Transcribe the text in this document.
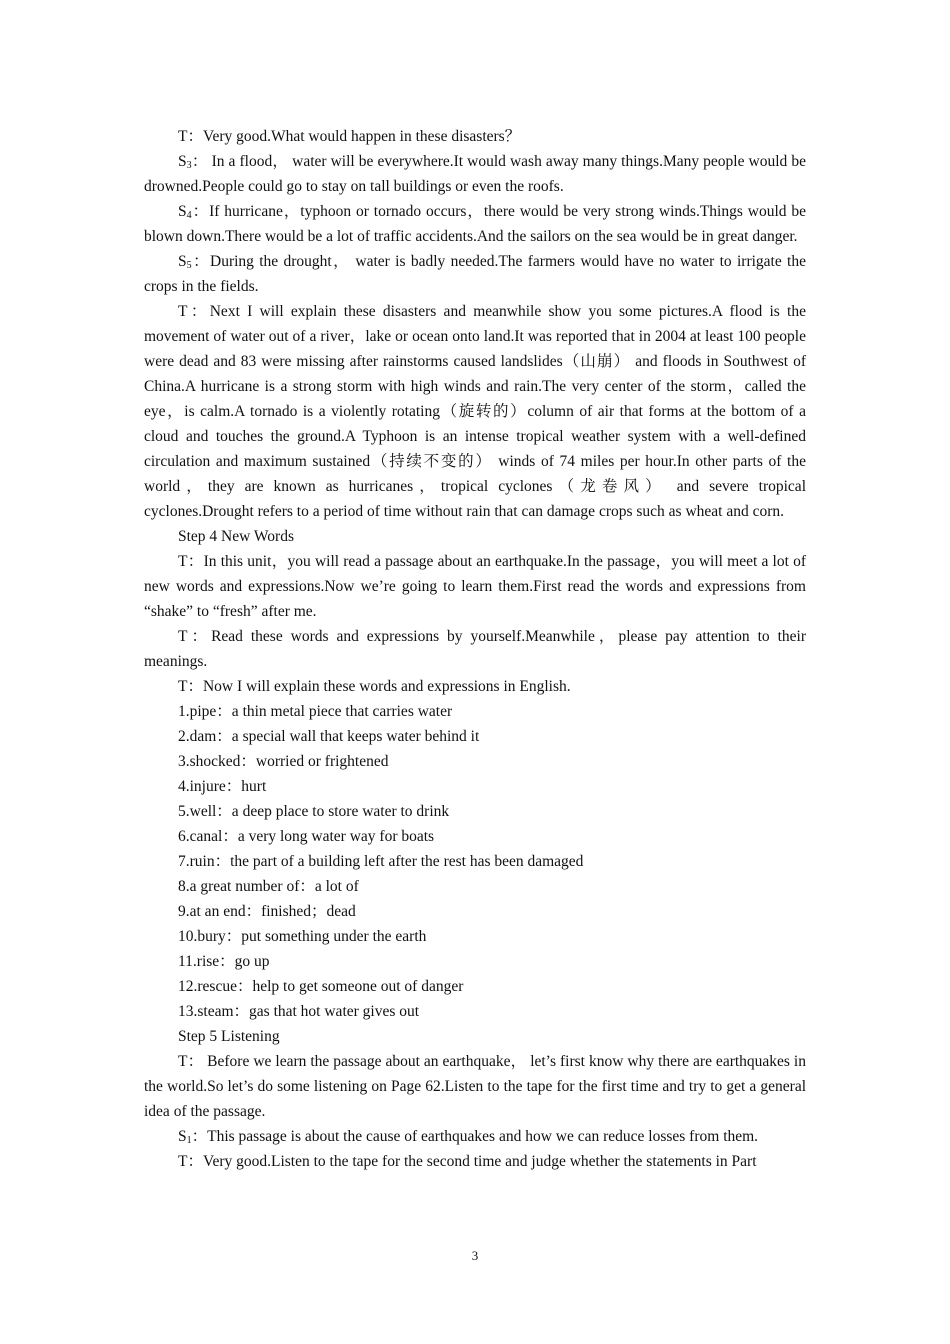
T：Very good.What would happen in these disasters？

$S_3$： In a flood， water will be everywhere.It would wash away many things.Many people would be drowned.People could go to stay on tall buildings or even the roofs.

$S_4$：If hurricane，typhoon or tornado occurs，there would be very strong winds.Things would be blown down.There would be a lot of traffic accidents.And the sailors on the sea would be in great danger.

$S_5$：During the drought， water is badly needed.The farmers would have no water to irrigate the crops in the fields.

T：Next I will explain these disasters and meanwhile show you some pictures.A flood is the movement of water out of a river，lake or ocean onto land.It was reported that in 2004 at least 100 people were dead and 83 were missing after rainstorms caused landslides（山崩） and floods in Southwest of China.A hurricane is a strong storm with high winds and rain.The very center of the storm，called the eye，is calm.A tornado is a violently rotating（旋转的）column of air that forms at the bottom of a cloud and touches the ground.A Typhoon is an intense tropical weather system with a well-defined circulation and maximum sustained（持续不变的） winds of 74 miles per hour.In other parts of the world，they are known as hurricanes，tropical cyclones（龙卷风） and severe tropical cyclones.Drought refers to a period of time without rain that can damage crops such as wheat and corn.

Step 4 New Words

T：In this unit，you will read a passage about an earthquake.In the passage，you will meet a lot of new words and expressions.Now we’re going to learn them.First read the words and expressions from “shake” to “fresh” after me.

T：Read these words and expressions by yourself.Meanwhile，please pay attention to their meanings.

T：Now I will explain these words and expressions in English.

1.pipe：a thin metal piece that carries water

2.dam：a special wall that keeps water behind it

3.shocked：worried or frightened

4.injure：hurt

5.well：a deep place to store water to drink

6.canal：a very long water way for boats

7.ruin：the part of a building left after the rest has been damaged

8.a great number of：a lot of

9.at an end：finished；dead

10.bury：put something under the earth

11.rise：go up

12.rescue：help to get someone out of danger

13.steam：gas that hot water gives out

Step 5 Listening

T： Before we learn the passage about an earthquake， let’s first know why there are earthquakes in the world.So let’s do some listening on Page 62.Listen to the tape for the first time and try to get a general idea of the passage.

$S_1$：This passage is about the cause of earthquakes and how we can reduce losses from them.

T：Very good.Listen to the tape for the second time and judge whether the statements in Part

3
